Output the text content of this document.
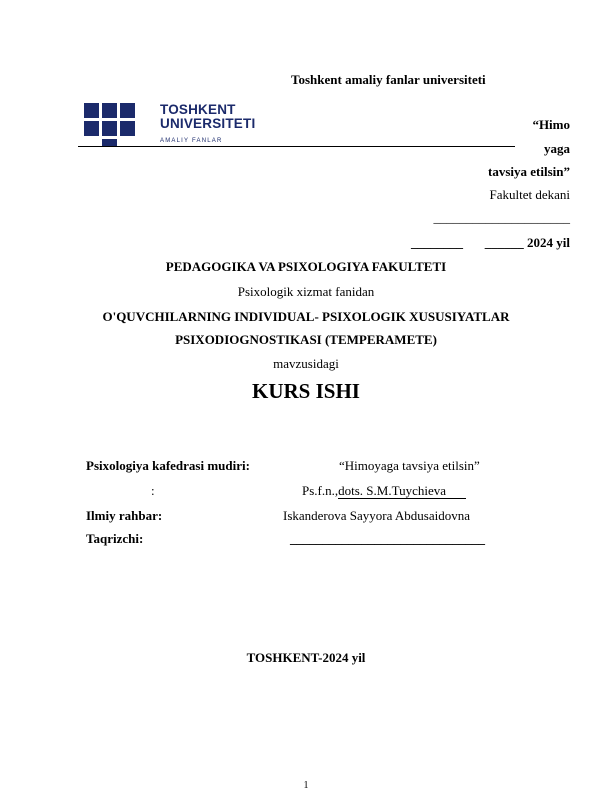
Toshkent amaliy fanlar universiteti
TOSHKENT
UNIVERSITETI
AMALIY FANLAR
“Himo
yaga
tavsiya etilsin”
Fakultet dekani
_____________________
________ ______ 2024 yil
PEDAGOGIKA VA PSIXOLOGIYA FAKULTETI
Psixologik xizmat fanidan
O'QUVCHILARNING INDIVIDUAL- PSIXOLOGIK XUSUSIYATLAR
PSIXODIOGNOSTIKASI (TEMPERAMETE)
mavzusidagi
KURS ISHI
Psixologiya kafedrasi mudiri:	“Himoyaga tavsiya etilsin”
:	Ps.f.n.,dots. S.M.Tuychieva
Ilmiy rahbar:	Iskanderova Sayyora Abdusaidovna
Taqrizchi:	______________________________
TOSHKENT-2024 yil
1
